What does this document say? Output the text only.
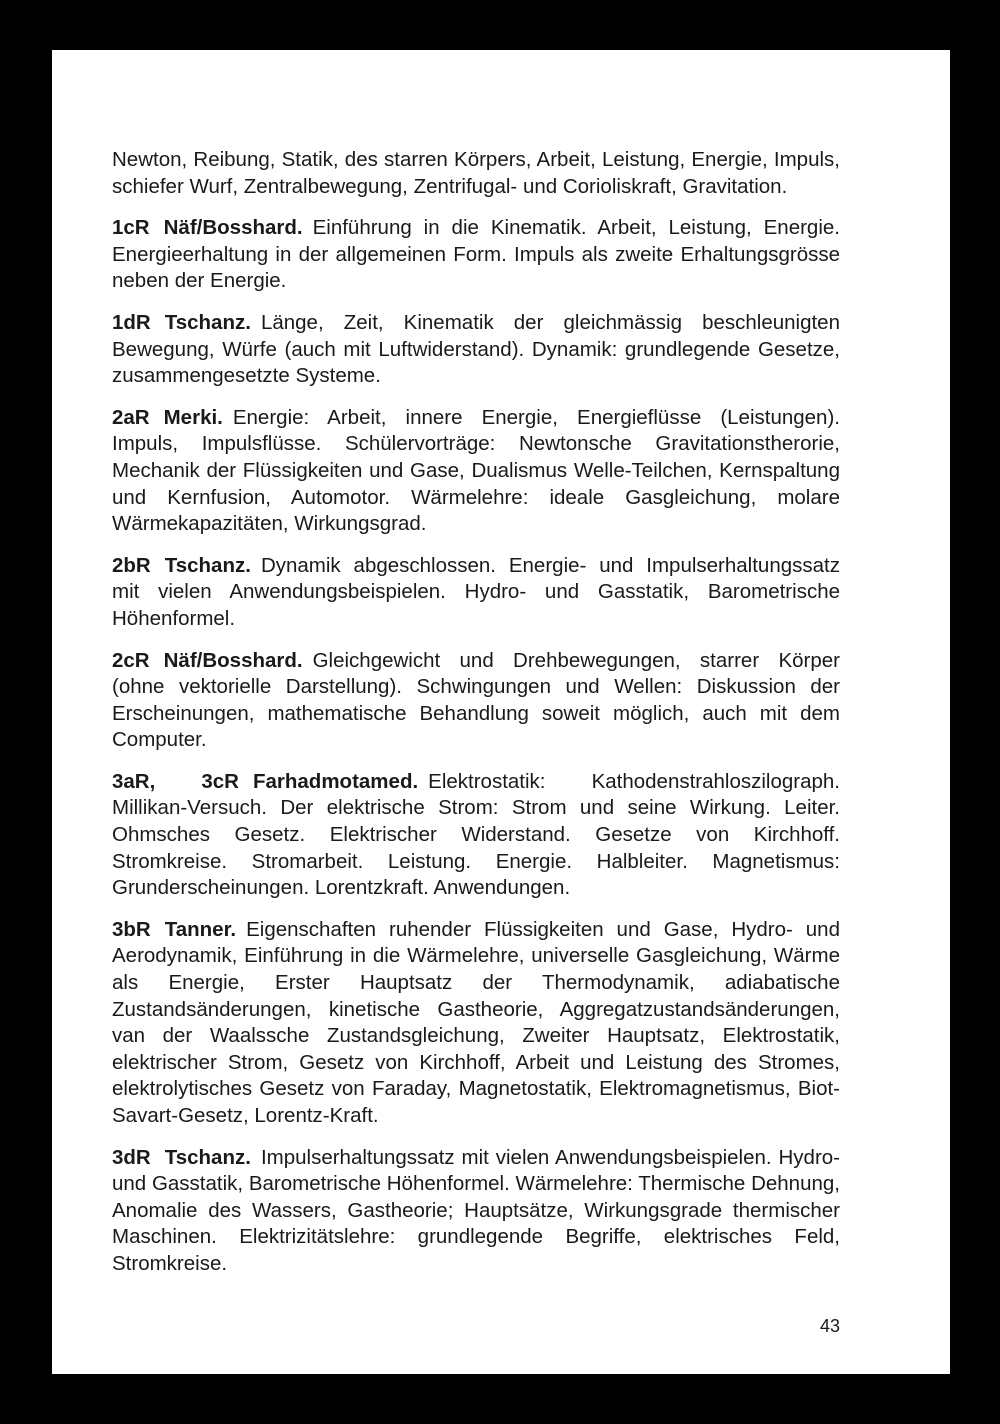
Newton, Reibung, Statik, des starren Körpers, Arbeit, Leistung, Energie, Impuls, schiefer Wurf, Zentralbewegung, Zentrifugal- und Corioliskraft, Gravitation.

1cR Näf/Bosshard. Einführung in die Kinematik. Arbeit, Leistung, Energie. Energieerhaltung in der allgemeinen Form. Impuls als zweite Erhaltungsgrösse neben der Energie.

1dR Tschanz. Länge, Zeit, Kinematik der gleichmässig beschleunigten Bewegung, Würfe (auch mit Luftwiderstand). Dynamik: grundlegende Gesetze, zusammengesetzte Systeme.

2aR Merki. Energie: Arbeit, innere Energie, Energieflüsse (Leistungen). Impuls, Impulsflüsse. Schülervorträge: Newtonsche Gravitationstherorie, Mechanik der Flüssigkeiten und Gase, Dualismus Welle-Teilchen, Kernspaltung und Kernfusion, Automotor. Wärmelehre: ideale Gasgleichung, molare Wärmekapazitäten, Wirkungsgrad.

2bR Tschanz. Dynamik abgeschlossen. Energie- und Impulserhaltungssatz mit vielen Anwendungsbeispielen. Hydro- und Gasstatik, Barometrische Höhenformel.

2cR Näf/Bosshard. Gleichgewicht und Drehbewegungen, starrer Körper (ohne vektorielle Darstellung). Schwingungen und Wellen: Diskussion der Erscheinungen, mathematische Behandlung soweit möglich, auch mit dem Computer.

3aR, 3cR Farhadmotamed. Elektrostatik: Kathodenstrahloszilograph. Millikan-Versuch. Der elektrische Strom: Strom und seine Wirkung. Leiter. Ohmsches Gesetz. Elektrischer Widerstand. Gesetze von Kirchhoff. Stromkreise. Stromarbeit. Leistung. Energie. Halbleiter. Magnetismus: Grunderscheinungen. Lorentzkraft. Anwendungen.

3bR Tanner. Eigenschaften ruhender Flüssigkeiten und Gase, Hydro- und Aerodynamik, Einführung in die Wärmelehre, universelle Gasgleichung, Wärme als Energie, Erster Hauptsatz der Thermodynamik, adiabatische Zustandsänderungen, kinetische Gastheorie, Aggregatzustandsänderungen, van der Waalssche Zustandsgleichung, Zweiter Hauptsatz, Elektrostatik, elektrischer Strom, Gesetz von Kirchhoff, Arbeit und Leistung des Stromes, elektrolytisches Gesetz von Faraday, Magnetostatik, Elektromagnetismus, Biot-Savart-Gesetz, Lorentz-Kraft.

3dR Tschanz. Impulserhaltungssatz mit vielen Anwendungsbeispielen. Hydro- und Gasstatik, Barometrische Höhenformel. Wärmelehre: Thermische Dehnung, Anomalie des Wassers, Gastheorie; Hauptsätze, Wirkungsgrade thermischer Maschinen. Elektrizitätslehre: grundlegende Begriffe, elektrisches Feld, Stromkreise.

43
